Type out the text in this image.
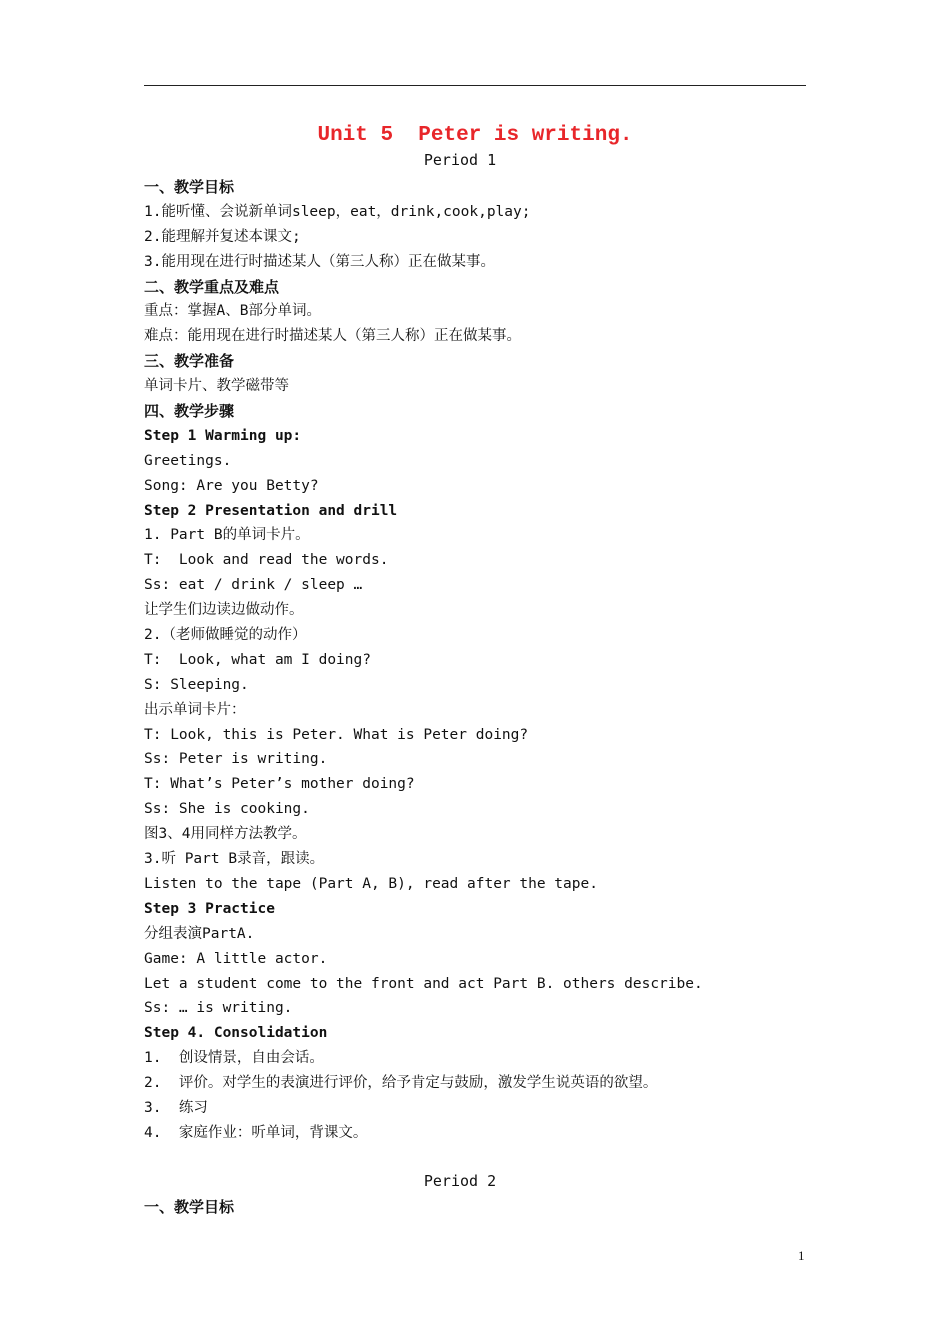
Unit 5  Peter is writing.
Period 1
一、教学目标
1.能听懂、会说新单词sleep，eat，drink,cook,play;
2.能理解并复述本课文;
3.能用现在进行时描述某人（第三人称）正在做某事。
二、教学重点及难点
重点：掌握A、B部分单词。
难点：能用现在进行时描述某人（第三人称）正在做某事。
三、教学准备
单词卡片、教学磁带等
四、教学步骤
Step 1 Warming up:
Greetings.
Song: Are you Betty?
Step 2 Presentation and drill
1. Part B的单词卡片。
T:  Look and read the words.
Ss: eat / drink / sleep …
让学生们边读边做动作。
2.（老师做睡觉的动作）
T:  Look, what am I doing?
S: Sleeping.
出示单词卡片：
T: Look, this is Peter. What is Peter doing?
Ss: Peter is writing.
T: What’s Peter’s mother doing?
Ss: She is cooking.
图3、4用同样方法教学。
3.听 Part B录音，跟读。
Listen to the tape (Part A, B), read after the tape.
Step 3 Practice
分组表演PartA.
Game: A little actor.
Let a student come to the front and act Part B. others describe.
Ss: … is writing.
Step 4. Consolidation
1.  创设情景，自由会话。
2.  评价。对学生的表演进行评价，给予肯定与鼓励，激发学生说英语的欲望。
3.  练习
4.  家庭作业：听单词，背课文。
Period 2
一、教学目标
1
